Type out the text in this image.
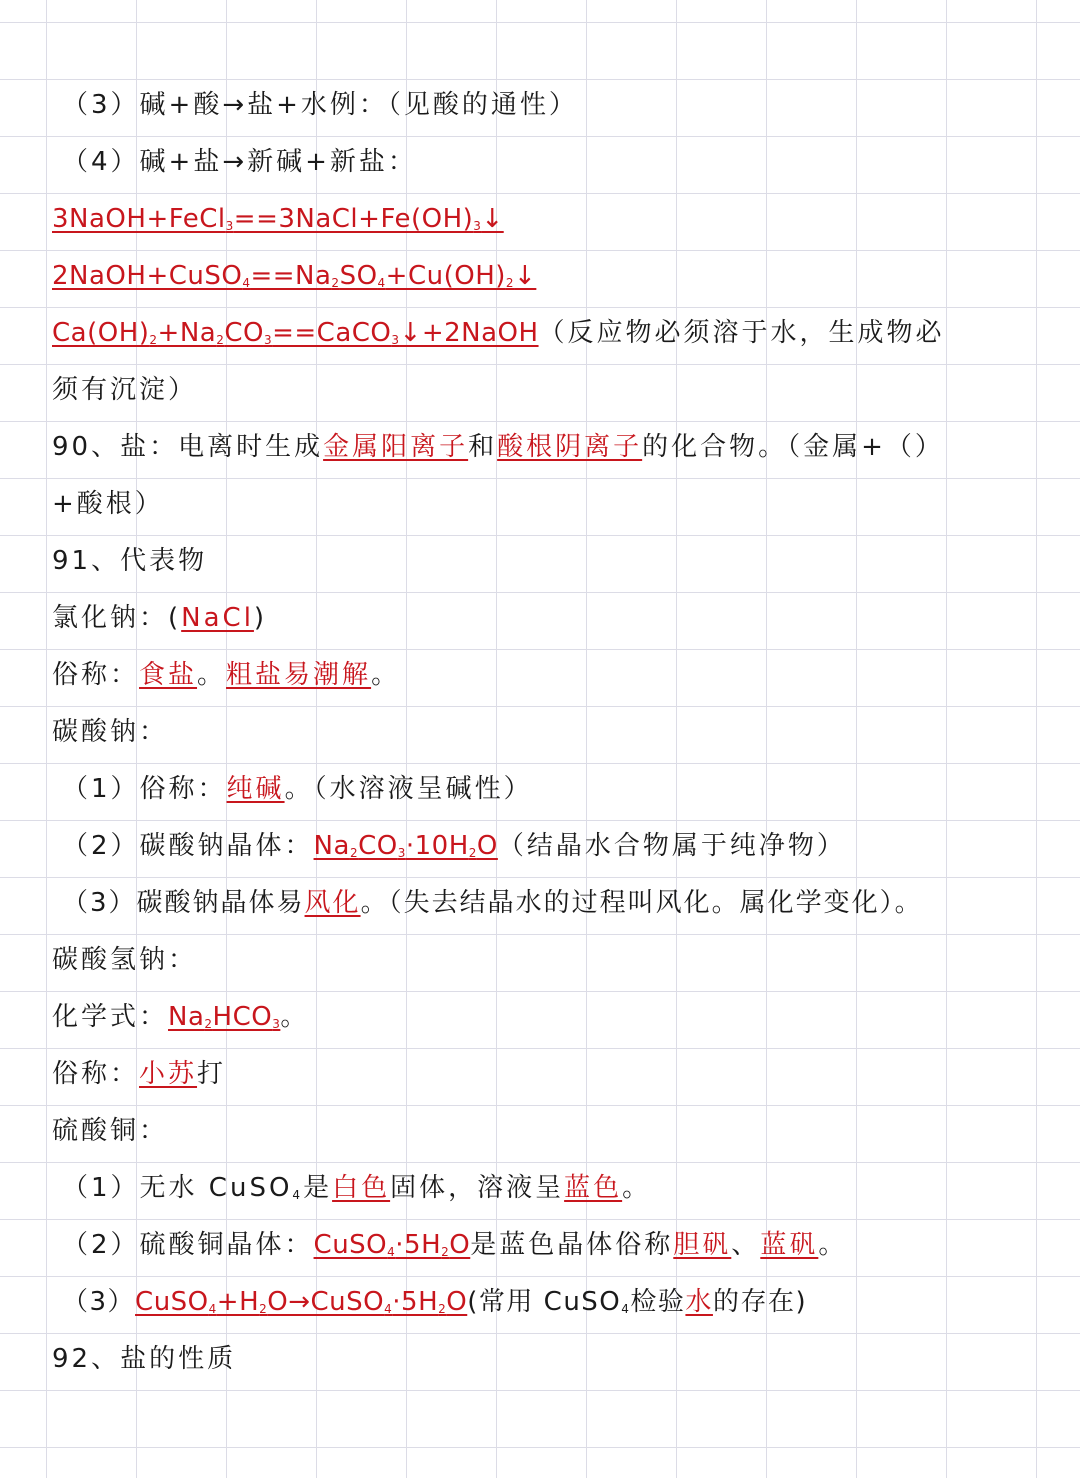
（3）碱+酸→盐+水例：（见酸的通性）
（4）碱+盐→新碱+新盐：
$3NaOH+FeCl_3==3NaCl+Fe(OH)_3↓$
$2NaOH+CuSO_4==Na_2SO_4+Cu(OH)_2↓$
$Ca(OH)_2+Na_2CO_3==CaCO_3↓+2NaOH$（反应物必须溶于水，生成物必
须有沉淀）
90、盐：电离时生成金属阳离子和酸根阴离子的化合物。（金属+（）
+酸根）
91、代表物
氯化钠：(NaCl)
俗称：食盐。粗盐易潮解。
碳酸钠：
（1）俗称：纯碱。（水溶液呈碱性）
（2）碳酸钠晶体：$Na_2CO_3\cdot 10H_2O$（结晶水合物属于纯净物）
（3）碳酸钠晶体易风化。（失去结晶水的过程叫风化。属化学变化）。
碳酸氢钠：
化学式：$Na_2HCO_3$。
俗称：小苏打
硫酸铜：
（1）无水 CuSO$_4$是白色固体，溶液呈蓝色。
（2）硫酸铜晶体：$CuSO_4\cdot 5H_2O$是蓝色晶体俗称胆矾、蓝矾。
$(3)CuSO_4+H_2O\to CuSO_4\cdot 5H_2O$(常用 CuSO$_4$检验水的存在)
92、盐的性质
